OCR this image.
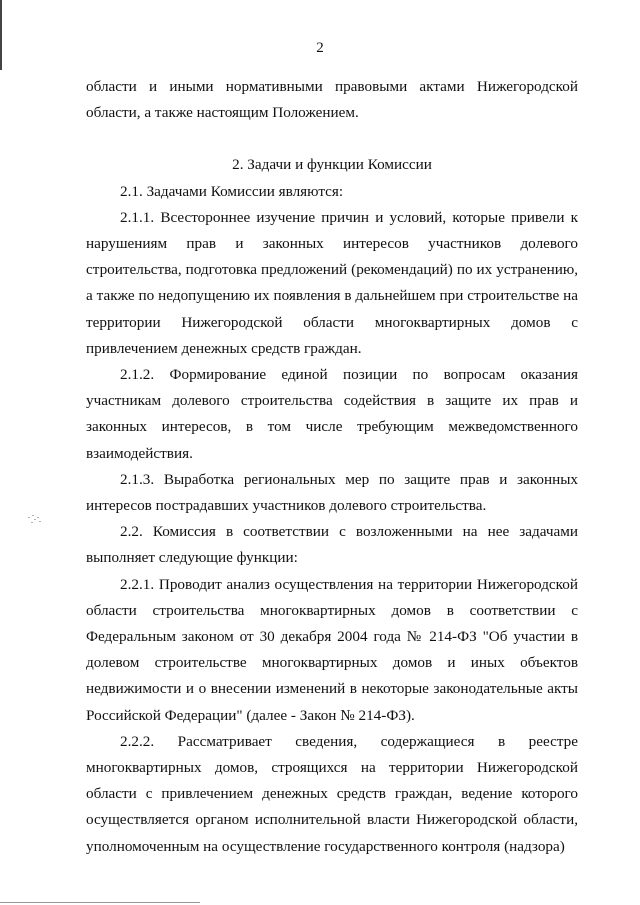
2

области и иными нормативными правовыми актами Нижегородской области, а также настоящим Положением.

2. Задачи и функции Комиссии

2.1. Задачами Комиссии являются:

2.1.1. Всестороннее изучение причин и условий, которые привели к нарушениям прав и законных интересов участников долевого строительства, подготовка предложений (рекомендаций) по их устранению, а также по недопущению их появления в дальнейшем при строительстве на территории Нижегородской области многоквартирных домов с привлечением денежных средств граждан.

2.1.2. Формирование единой позиции по вопросам оказания участникам долевого строительства содействия в защите их прав и законных интересов, в том числе требующим межведомственного взаимодействия.

2.1.3. Выработка региональных мер по защите прав и законных интересов пострадавших участников долевого строительства.

2.2. Комиссия в соответствии с возложенными на нее задачами выполняет следующие функции:

2.2.1. Проводит анализ осуществления на территории Нижегородской области строительства многоквартирных домов в соответствии с Федеральным законом от 30 декабря 2004 года № 214-ФЗ "Об участии в долевом строительстве многоквартирных домов и иных объектов недвижимости и о внесении изменений в некоторые законодательные акты Российской Федерации" (далее - Закон № 214-ФЗ).

2.2.2. Рассматривает сведения, содержащиеся в реестре многоквартирных домов, строящихся на территории Нижегородской области с привлечением денежных средств граждан, ведение которого осуществляется органом исполнительной власти Нижегородской области, уполномоченным на осуществление государственного контроля (надзора)
